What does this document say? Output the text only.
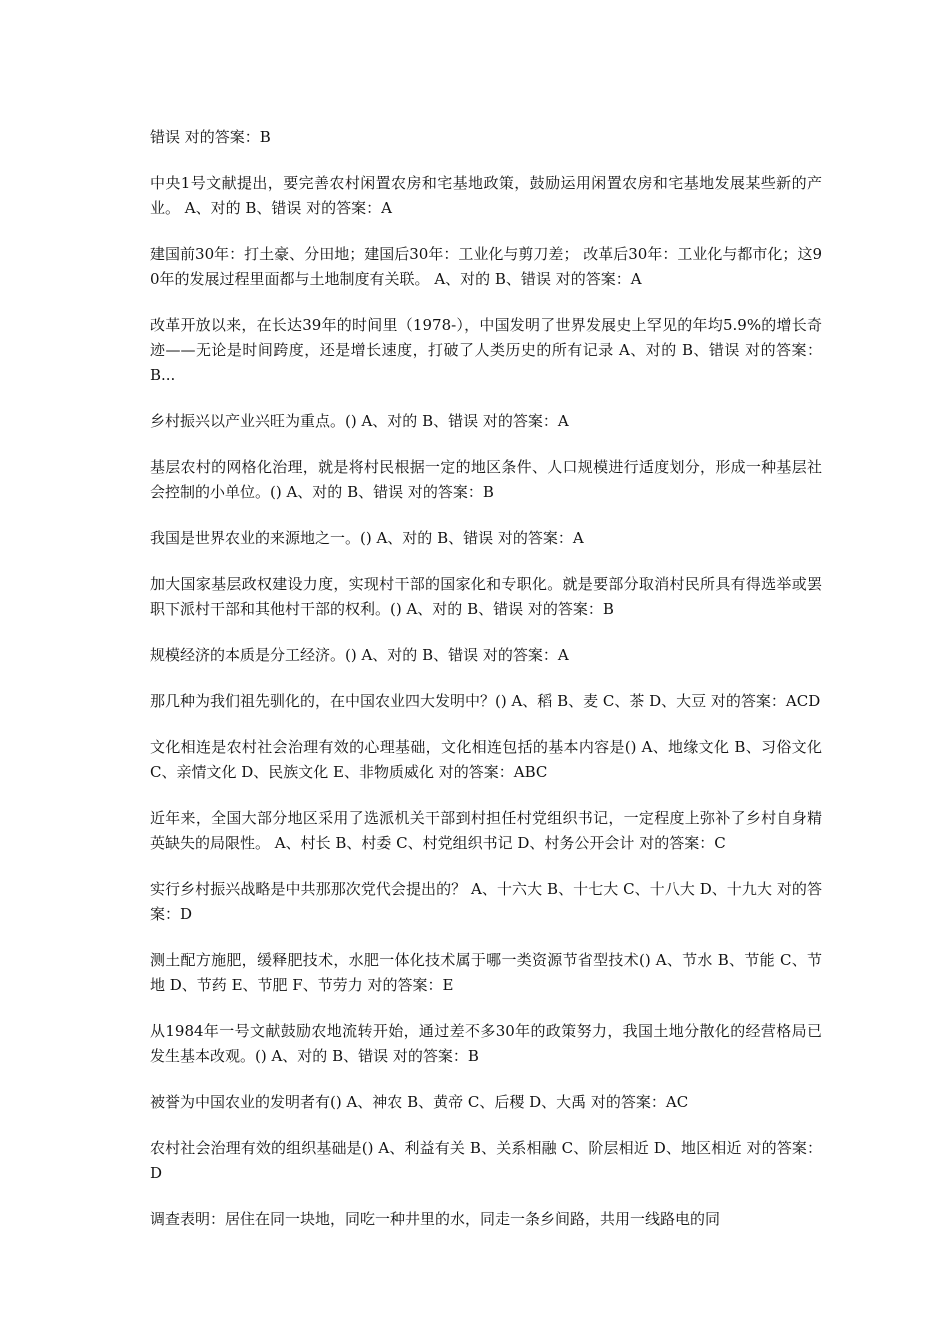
错误 对的答案：B

中央1号文献提出，要完善农村闲置农房和宅基地政策，鼓励运用闲置农房和宅基地发展某些新的产业。 A、对的 B、错误 对的答案：A

建国前30年：打土豪、分田地；建国后30年：工业化与剪刀差； 改革后30年：工业化与都市化；这90年的发展过程里面都与土地制度有关联。 A、对的 B、错误 对的答案：A

改革开放以来，在长达39年的时间里（1978-），中国发明了世界发展史上罕见的年均5.9%的增长奇迹——无论是时间跨度，还是增长速度，打破了人类历史的所有记录 A、对的 B、错误 对的答案：B...

乡村振兴以产业兴旺为重点。() A、对的 B、错误 对的答案：A

基层农村的网格化治理，就是将村民根据一定的地区条件、人口规模进行适度划分，形成一种基层社会控制的小单位。() A、对的 B、错误 对的答案：B

我国是世界农业的来源地之一。() A、对的 B、错误 对的答案：A

加大国家基层政权建设力度，实现村干部的国家化和专职化。就是要部分取消村民所具有得选举或罢职下派村干部和其他村干部的权利。() A、对的 B、错误 对的答案：B

规模经济的本质是分工经济。() A、对的 B、错误 对的答案：A

那几种为我们祖先驯化的，在中国农业四大发明中？() A、稻 B、麦 C、茶 D、大豆 对的答案：ACD

文化相连是农村社会治理有效的心理基础，文化相连包括的基本内容是() A、地缘文化 B、习俗文化 C、亲情文化 D、民族文化 E、非物质威化 对的答案：ABC

近年来，全国大部分地区采用了选派机关干部到村担任村党组织书记，一定程度上弥补了乡村自身精英缺失的局限性。 A、村长 B、村委 C、村党组织书记 D、村务公开会计 对的答案：C

实行乡村振兴战略是中共那那次党代会提出的？ A、十六大 B、十七大 C、十八大 D、十九大 对的答案：D

测土配方施肥，缓释肥技术，水肥一体化技术属于哪一类资源节省型技术() A、节水 B、节能 C、节地 D、节药 E、节肥 F、节劳力 对的答案：E

从1984年一号文献鼓励农地流转开始，通过差不多30年的政策努力，我国土地分散化的经营格局已发生基本改观。() A、对的 B、错误 对的答案：B

被誉为中国农业的发明者有() A、神农 B、黄帝 C、后稷 D、大禹 对的答案：AC

农村社会治理有效的组织基础是() A、利益有关 B、关系相融 C、阶层相近 D、地区相近 对的答案：D

调查表明：居住在同一块地，同吃一种井里的水，同走一条乡间路，共用一线路电的同
